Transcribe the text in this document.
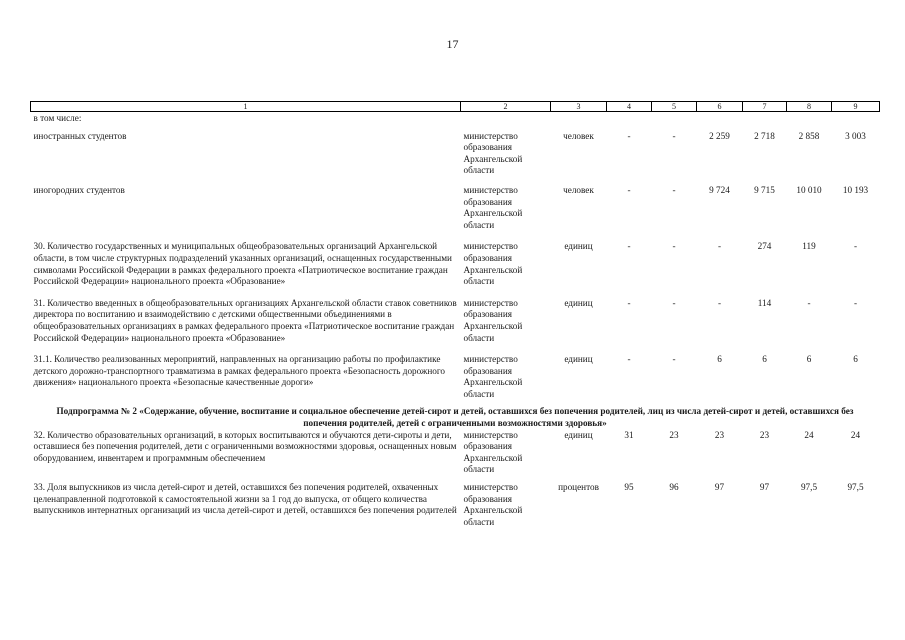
17
1	2	3	4	5	6	7	8	9
в том числе:								
иностранных студентов	министерство образования Архангельской области	человек	-	-	2 259	2 718	2 858	3 003

иногородних студентов	министерство образования Архангельской области	человек	-	-	9 724	9 715	10 010	10 193

30. Количество государственных и муниципальных общеобразовательных организаций Архангельской области, в том числе структурных подразделений указанных организаций, оснащенных государственными символами Российской Федерации в рамках федерального проекта «Патриотическое воспитание граждан Российской Федерации» национального проекта «Образование»	министерство образования Архангельской области	единиц	-	-	-	274	119	-

31. Количество введенных в общеобразовательных организациях Архангельской области ставок советников директора по воспитанию и взаимодействию с детскими общественными объединениями в общеобразовательных организациях в рамках федерального проекта «Патриотическое воспитание граждан Российской Федерации» национального проекта «Образование»	министерство образования Архангельской области	единиц	-	-	-	114	-	-

31.1. Количество реализованных мероприятий, направленных на организацию работы по профилактике детского дорожно-транспортного травматизма в рамках федерального проекта «Безопасность дорожного движения» национального проекта «Безопасные качественные дороги»	министерство образования Архангельской области	единиц	-	-	6	6	6	6

Подпрограмма № 2 «Содержание, обучение, воспитание и социальное обеспечение детей-сирот и детей, оставшихся без попечения родителей, лиц из числа детей-сирот и детей, оставшихся без попечения родителей, детей с ограниченными возможностями здоровья»								
32. Количество образовательных организаций, в которых воспитываются и обучаются дети-сироты и дети, оставшиеся без попечения родителей, дети с ограниченными возможностями здоровья, оснащенных новым оборудованием, инвентарем и программным обеспечением	министерство образования Архангельской области	единиц	31	23	23	23	24	24

33. Доля выпускников из числа детей-сирот и детей, оставшихся без попечения родителей, охваченных целенаправленной подготовкой к самостоятельной жизни за 1 год до выпуска, от общего количества выпускников интернатных организаций из числа детей-сирот и детей, оставшихся без попечения родителей	министерство образования Архангельской области	процентов	95	96	97	97	97,5	97,5
